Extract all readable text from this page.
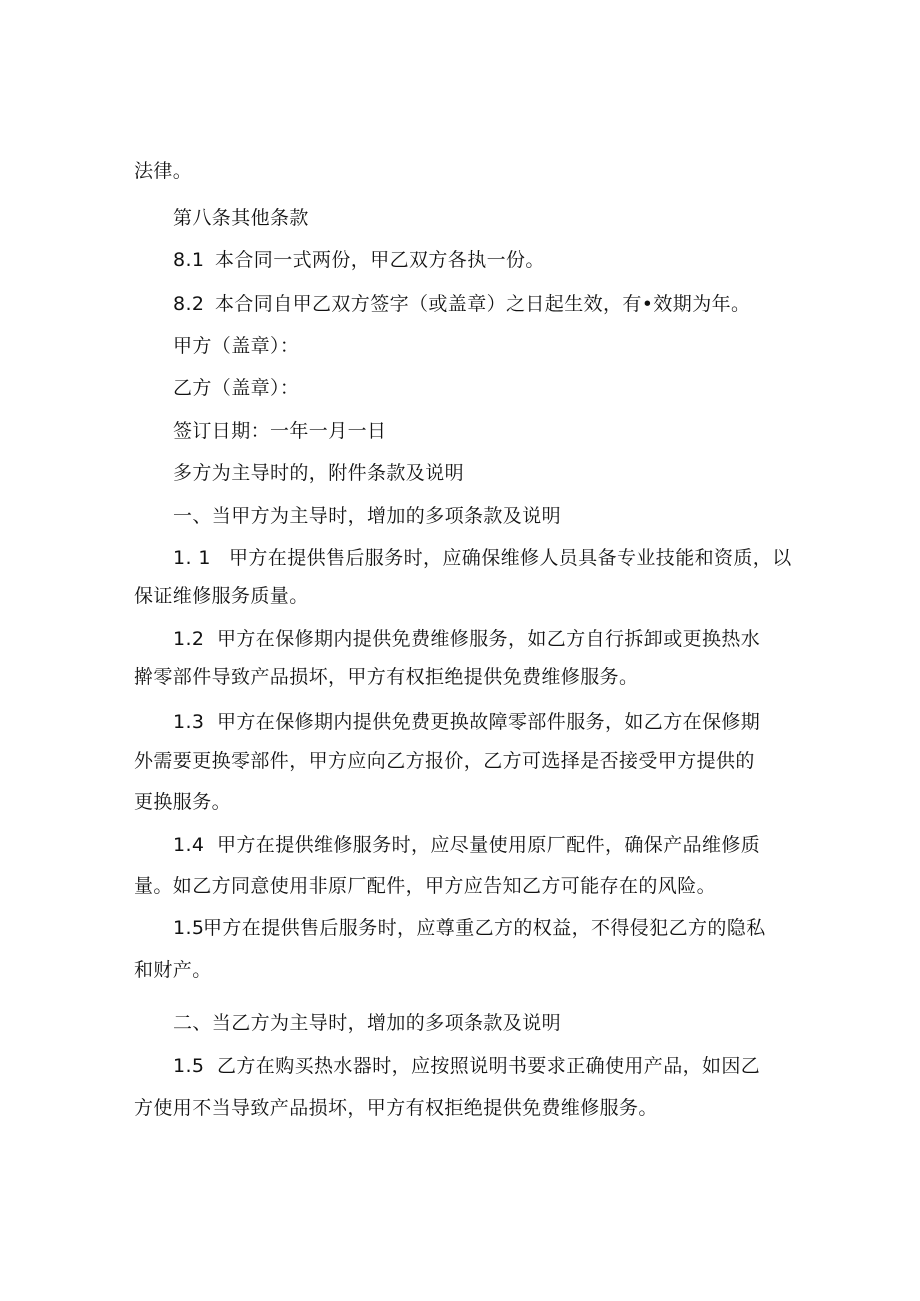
法律。
第八条其他条款
8.1 本合同一式两份，甲乙双方各执一份。
8.2 本合同自甲乙双方签字（或盖章）之日起生效，有•效期为年。
甲方（盖章）：
乙方（盖章）：
签订日期：一年一月一日
多方为主导时的，附件条款及说明
一、当甲方为主导时，增加的多项条款及说明
1. 1 甲方在提供售后服务时，应确保维修人员具备专业技能和资质，以
保证维修服务质量。
1.2 甲方在保修期内提供免费维修服务，如乙方自行拆卸或更换热水
擀零部件导致产品损坏，甲方有权拒绝提供免费维修服务。
1.3 甲方在保修期内提供免费更换故障零部件服务，如乙方在保修期
外需要更换零部件，甲方应向乙方报价，乙方可选择是否接受甲方提供的
更换服务。
1.4 甲方在提供维修服务时，应尽量使用原厂配件，确保产品维修质
量。如乙方同意使用非原厂配件，甲方应告知乙方可能存在的风险。
1.5甲方在提供售后服务时，应尊重乙方的权益，不得侵犯乙方的隐私
和财产。
二、当乙方为主导时，增加的多项条款及说明
1.5 乙方在购买热水器时，应按照说明书要求正确使用产品，如因乙
方使用不当导致产品损坏，甲方有权拒绝提供免费维修服务。
